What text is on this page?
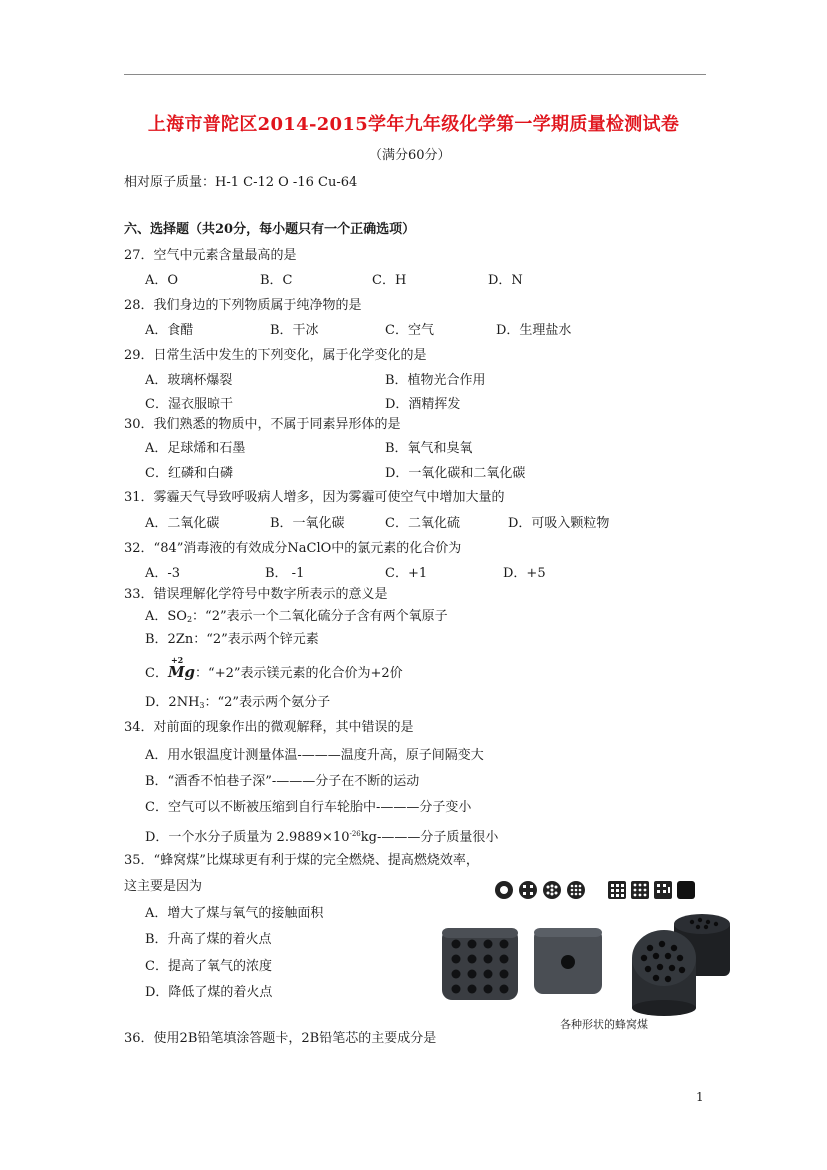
上海市普陀区2014-2015学年九年级化学第一学期质量检测试卷
（满分60分）
相对原子质量：H-1 C-12 O -16 Cu-64
六、选择题（共20分，每小题只有一个正确选项）
27．空气中元素含量最高的是
A．O	B．C	C．H	D．N
28．我们身边的下列物质属于纯净物的是
A．食醋	B．干冰	C．空气	D．生理盐水
29．日常生活中发生的下列变化，属于化学变化的是
A．玻璃杯爆裂	B．植物光合作用
C．湿衣服晾干	D．酒精挥发
30．我们熟悉的物质中，不属于同素异形体的是
A．足球烯和石墨	B．氧气和臭氧
C．红磷和白磷	D．一氧化碳和二氧化碳
31．雾霾天气导致呼吸病人增多，因为雾霾可使空气中增加大量的
A．二氧化碳	B．一氧化碳	C．二氧化硫	D．可吸入颗粒物
32．“84”消毒液的有效成分NaClO中的氯元素的化合价为
A．-3	B． -1	C．+1	D．+5
33．错误理解化学符号中数字所表示的意义是
A．$SO_2$：“2”表示一个二氧化硫分子含有两个氧原子
B．2Zn：“2”表示两个锌元素
C．
+2
Mg：“+2”表示镁元素的化合价为+2价
D．$2NH_3$：“2”表示两个氨分子
34．对前面的现象作出的微观解释，其中错误的是
A．用水银温度计测量体温-———温度升高，原子间隔变大
B．“酒香不怕巷子深”-———分子在不断的运动
C．空气可以不断被压缩到自行车轮胎中-———分子变小
D．一个水分子质量为 $2.9889\times 10^{-26}kg-———$分子质量很小
35．“蜂窝煤”比煤球更有利于煤的完全燃烧、提高燃烧效率，
这主要是因为
A．增大了煤与氧气的接触面积
B．升高了煤的着火点
C．提高了氧气的浓度
D．降低了煤的着火点
各种形状的蜂窝煤
36．使用2B铅笔填涂答题卡，2B铅笔芯的主要成分是
1
